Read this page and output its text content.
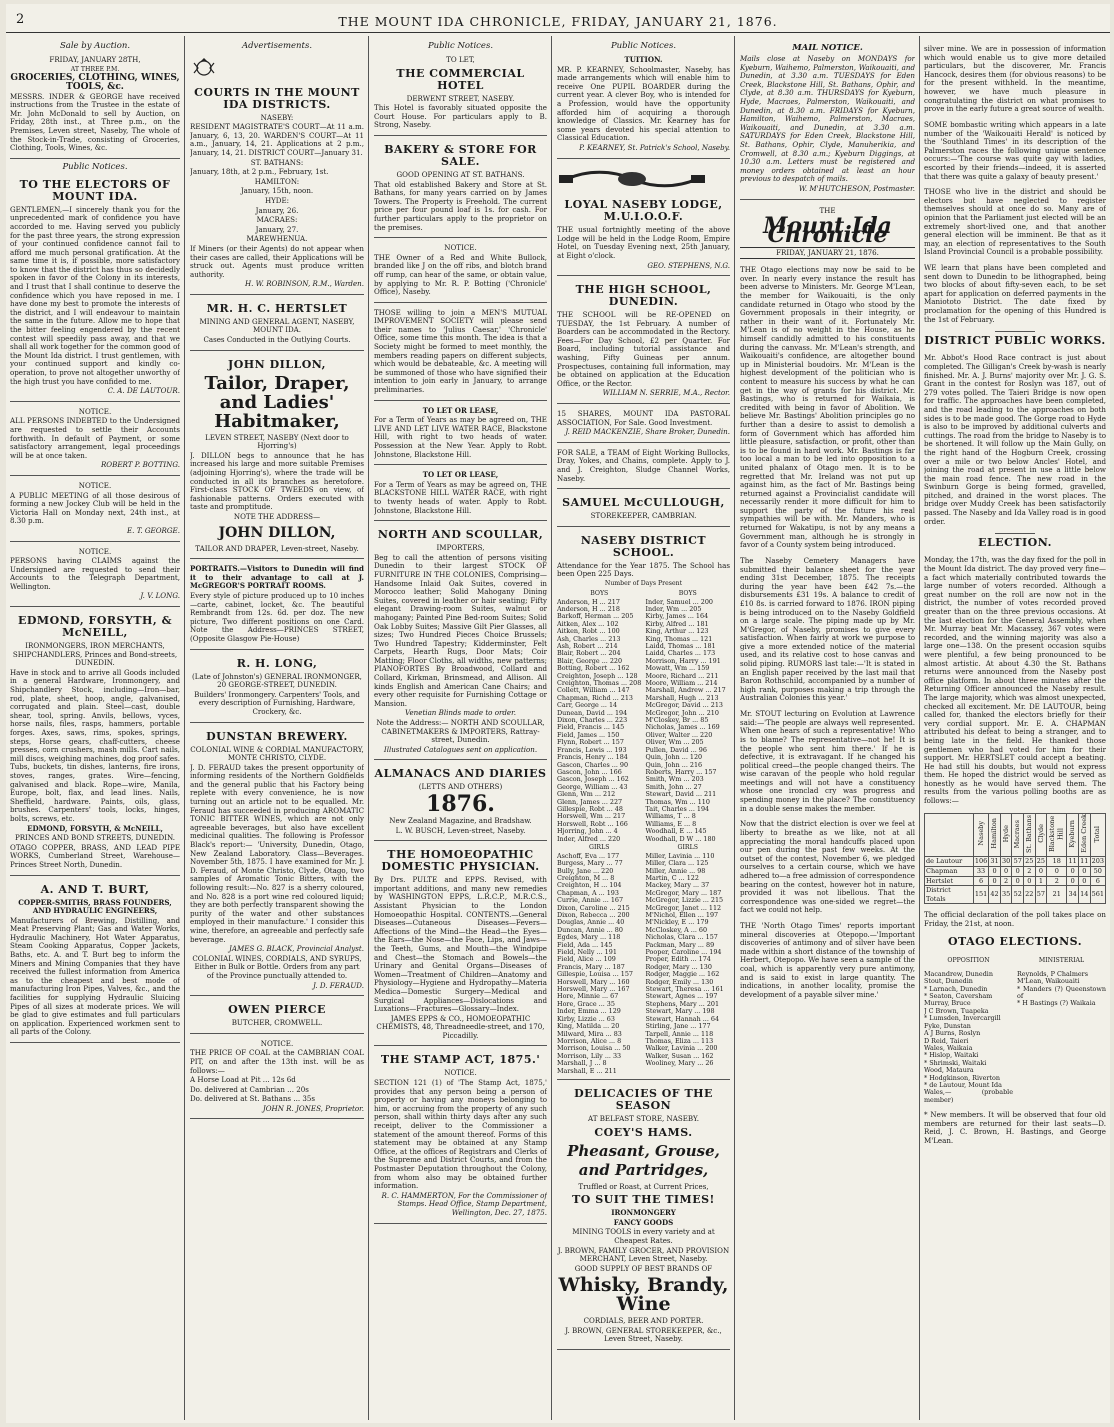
2	THE MOUNT IDA CHRONICLE, FRIDAY, JANUARY 21, 1876.
Sale by Auction.

FRIDAY, JANUARY 28TH,

AT THREE P.M.

GROCERIES, CLOTHING, WINES, TOOLS, &c.

MESSRS. INDER & GEORGE have received instructions from the Trustee in the estate of Mr. John McDonald to sell by Auction, on Friday, 28th inst., at Three p.m., on the Premises, Leven street, Naseby, The whole of the Stock-in-Trade, consisting of Groceries, Clothing, Tools, Wines, &c.

Public Notices.
TO THE ELECTORS OF MOUNT IDA.

GENTLEMEN,—I sincerely thank you for the unprecedented mark of confidence you have accorded to me. Having served you publicly for the past three years, the strong expression of your continued confidence cannot fail to afford me much personal gratification. At the same time it is, if possible, more satisfactory to know that the district has thus so decidedly spoken in favor of the Colony in its interests, and I trust that I shall continue to deserve the confidence which you have reposed in me. I have done my best to promote the interests of the district, and I will endeavour to maintain the same in the future. Allow me to hope that the bitter feeling engendered by the recent contest will speedily pass away, and that we shall all work together for the common good of the Mount Ida district. I trust gentlemen, with your continued support and kindly co-operation, to prove not altogether unworthy of the high trust you have confided to me.

C. A. DE LAUTOUR.

NOTICE.

ALL PERSONS INDEBTED to the Undersigned are requested to settle their Accounts forthwith. In default of Payment, or some satisfactory arrangement, legal proceedings will be at once taken.

ROBERT P. BOTTING.

NOTICE.

A PUBLIC MEETING of all those desirous of forming a new Jockey Club will be held in the Victoria Hall on Monday next, 24th inst., at 8.30 p.m.

E. T. GEORGE.

NOTICE.

PERSONS having CLAIMS against the Undersigned are requested to send their Accounts to the Telegraph Department, Wellington.

J. V. LONG.

EDMOND, FORSYTH, & McNEILL,

IRONMONGERS, IRON MERCHANTS, SHIPCHANDLERS, Princes and Bond-streets, DUNEDIN.

Have in stock and to arrive all Goods included in a general Hardware, Ironmongery, and Shipchandlery Stock, including—Iron—bar, rod, plate, sheet, hoop, angle, galvanised, corrugated and plain. Steel—cast, double shear, tool, spring. Anvils, bellows, vyces, horse nails, files, rasps, hammers, portable forges. Axes, saws, rims, spokes, springs, steps, Horse gears, chaff-cutters, cheese presses, corn crushers, mash mills. Cart nails, mill discs, weighing machines, dog proof safes. Tubs, buckets, tin dishes, lanterns, fire irons, stoves, ranges, grates. Wire—fencing, galvanised and black. Rope—wire, Manila, Europe, bolt, flax, and lead lines. Nails, Sheffield, hardware. Paints, oils, glass, brushes. Carpenters' tools, locks, hinges, bolts, screws, etc.

EDMOND, FORSYTH, & McNEILL,

PRINCES AND BOND STREETS, DUNEDIN.

OTAGO COPPER, BRASS, AND LEAD PIPE WORKS, Cumberland Street, Warehouse—Princes Street North, Dunedin.

A. AND T. BURT,

COPPER-SMITHS, BRASS FOUNDERS, AND HYDRAULIC ENGINEERS,

Manufacturers of Brewing, Distilling, and Meat Preserving Plant; Gas and Water Works, Hydraulic Machinery, Hot Water Apparatus, Steam Cooking Apparatus, Copper Jackets, Baths, etc. A. and T. Burt beg to inform the Miners and Mining Companies that they have received the fullest information from America as to the cheapest and best mode of manufacturing Iron Pipes, Valves, &c., and the facilities for supplying Hydraulic Sluicing Pipes of all sizes at moderate prices. We will be glad to give estimates and full particulars on application. Experienced workmen sent to all parts of the Colony.

Advertisements.
COURTS IN THE MOUNT IDA DISTRICTS.

NASEBY:

RESIDENT MAGISTRATE'S COURT—At 11 a.m. January, 6, 13, 20. WARDEN'S COURT—At 11 a.m., January, 14, 21. Applications at 2 p.m., January, 14, 21. DISTRICT COURT—January 31.

ST. BATHANS:

January, 18th, at 2 p.m., February, 1st.

HAMILTON:

January, 15th, noon.

HYDE:

January, 26.

MACRAES:

January, 27.

MAREWHENUA.

If Miners (or their Agents) do not appear when their cases are called, their Applications will be struck out. Agents must produce written authority.

H. W. ROBINSON, R.M., Warden.

MR. H. C. HERTSLET

MINING AND GENERAL AGENT, NASEBY, MOUNT IDA.

Cases Conducted in the Outlying Courts.

JOHN DILLON,
Tailor, Draper, and Ladies' Habitmaker,

LEVEN STREET, NASEBY (Next door to Hjorring's)

J. DILLON begs to announce that he has increased his large and more suitable Premises (adjoining Hjorring's), where the trade will be conducted in all its branches as heretofore. First-class STOCK OF TWEEDS on view, of fashionable patterns. Orders executed with taste and promptitude.

NOTE THE ADDRESS—

JOHN DILLON,

TAILOR AND DRAPER, Leven-street, Naseby.

PORTRAITS.—Visitors to Dunedin will find it to their advantage to call at J. McGREGOR'S PORTRAIT ROOMS.

Every style of picture produced up to 10 inches—carte, cabinet, locket, &c. The beautiful Rembrandt from 12s. 6d. per doz. The new picture, Two different positions on one Card. Note the Address—PRINCES STREET, (Opposite Glasgow Pie-House)

R. H. LONG,

(Late of Johnston's) GENERAL IRONMONGER, 20 GEORGE-STREET, DUNEDIN.

Builders' Ironmongery. Carpenters' Tools, and every description of Furnishing, Hardware, Crockery, &c.

DUNSTAN BREWERY.

COLONIAL WINE & CORDIAL MANUFACTORY, MONTE CHRISTO, CLYDE.

J. D. FERAUD takes the present opportunity of informing residents of the Northern Goldfields and the general public that his Factory being replete with every convenience, he is now turning out an article not to be equalled. Mr. Feraud has succeeded in producing AROMATIC TONIC BITTER WINES, which are not only agreeable beverages, but also have excellent medicinal qualities. The following is Professor Black's report:— 'University, Dunedin, Otago, New Zealand Laboratory. Class—Beverages. November 5th, 1875. I have examined for Mr. J. D. Feraud, of Monte Christo, Clyde, Otago, two samples of Aromatic Tonic Bitters, with the following result:—No. 827 is a sherry coloured, and No. 828 is a port wine red coloured liquid; they are both perfectly transparent showing the purity of the water and other substances employed in their manufacture.' I consider this wine, therefore, an agreeable and perfectly safe beverage.

JAMES G. BLACK, Provincial Analyst.

COLONIAL WINES, CORDIALS, AND SYRUPS, Either in Bulk or Bottle. Orders from any part of the Province punctually attended to.

J. D. FERAUD.

OWEN PIERCE

BUTCHER, CROMWELL.

NOTICE.

THE PRICE OF COAL at the CAMBRIAN COAL PIT, on and after the 13th inst. will be as follows:—

A Horse Load at Pit ... 12s 6d

Do. delivered at Cambrian ... 20s

Do. delivered at St. Bathans ... 35s

JOHN R. JONES, Proprietor.

Public Notices.

TO LET,

THE COMMERCIAL HOTEL

DERWENT STREET, NASEBY.

This Hotel is favorably situated opposite the Court House. For particulars apply to B. Strong, Naseby.

BAKERY & STORE FOR SALE.

GOOD OPENING AT ST. BATHANS.

That old established Bakery and Store at St. Bathans, for many years carried on by James Towers. The Property is Freehold. The current price per four pound loaf is 1s. for cash. For further particulars apply to the proprietor on the premises.

NOTICE.

THE Owner of a Red and White Bullock, branded like J on the off ribs, and blotch brand off rump, can hear of the same, or obtain value, by applying to Mr. R. P. Botting ('Chronicle' Office), Naseby.

THOSE willing to join a MEN'S MUTUAL IMPROVEMENT SOCIETY will please send their names to 'Julius Caesar,' 'Chronicle' Office, some time this month. The idea is that a Society might be formed to meet monthly, the members reading papers on different subjects, which would be debateable, &c. A meeting will be summoned of those who have signified their intention to join early in January, to arrange preliminaries.

TO LET OR LEASE,

For a Term of Years as may be agreed on, THE LIVE AND LET LIVE WATER RACE, Blackstone Hill, with right to two heads of water. Possession at the New Year. Apply to Robt. Johnstone, Blackstone Hill.

TO LET OR LEASE,

For a Term of Years as may be agreed on, THE BLACKSTONE HILL WATER RACE, with right to twenty heads of water. Apply to Robt. Johnstone, Blackstone Hill.

NORTH AND SCOULLAR,

IMPORTERS,

Beg to call the attention of persons visiting Dunedin to their largest STOCK OF FURNITURE IN THE COLONIES, Comprising— Handsome Inlaid Oak Suites, covered in Morocco leather; Solid Mahogany Dining Suites, covered in leather or hair seating; Fifty elegant Drawing-room Suites, walnut or mahogany; Painted Pine Bed-room Suites; Solid Oak Lobby Suites; Massive Gilt Pier Glasses, all sizes; Two Hundred Pieces Choice Brussels; Two Hundred Tapestry; Kidderminster, Felt Carpets, Hearth Rugs, Door Mats; Coir Matting; Floor Cloths, all widths, new patterns; PIANOFORTES By Broadwood, Collard and Collard, Kirkman, Brinsmead, and Allison. All kinds English and American Cane Chairs; and every other requisite for Furnishing Cottage or Mansion.

Venetian Blinds made to order.

Note the Address:— NORTH AND SCOULLAR, CABINETMAKERS & IMPORTERS, Rattray-street, Dunedin.

Illustrated Catalogues sent on application.

ALMANACS AND DIARIES

(LETTS AND OTHERS)

1876.

New Zealand Magazine, and Bradshaw.

L. W. BUSCH, Leven-street, Naseby.

THE HOMOEOPATHIC DOMESTIC PHYSICIAN.

By Drs. PULTE and EPPS. Revised, with important additions, and many new remedies by WASHINGTON EPPS, L.R.C.P., M.R.C.S., Assistant Physician to the London Homoeopathic Hospital. CONTENTS.—General Diseases—Cutaneous Diseases—Fevers—Affections of the Mind—the Head—the Eyes—the Ears—the Nose—the Face, Lips, and Jaws—the Teeth, Gums, and Mouth—the Windpipe and Chest—the Stomach and Bowels—the Urinary and Genital Organs—Diseases of Women—Treatment of Children—Anatomy and Physiology—Hygiene and Hydropathy—Materia Medica—Domestic Surgery—Medical and Surgical Appliances—Dislocations and Luxations—Fractures—Glossary—Index.

JAMES EPPS & CO., HOMOEOPATHIC CHEMISTS, 48, Threadneedle-street, and 170, Piccadilly.

THE STAMP ACT, 1875.'

NOTICE.

SECTION 121 (1) of 'The Stamp Act, 1875,' provides that any person being a person of property or having any moneys belonging to him, or accruing from the property of any such person, shall within thirty days after any such receipt, deliver to the Commissioner a statement of the amount thereof. Forms of this statement may be obtained at any Stamp Office, at the offices of Registrars and Clerks of the Supreme and District Courts, and from the Postmaster Deputation throughout the Colony, from whom also may be obtained further information.

R. C. HAMMERTON, For the Commissioner of Stamps. Head Office, Stamp Department, Wellington, Dec. 27, 1875.

Public Notices.

TUITION.

MR. P. KEARNEY, Schoolmaster, Naseby, has made arrangements which will enable him to receive One PUPIL BOARDER during the current year. A clever Boy, who is intended for a Profession, would have the opportunity afforded him of acquiring a thorough knowledge of Classics. Mr. Kearney has for some years devoted his special attention to Classical Education.

P. KEARNEY, St. Patrick's School, Naseby.

LOYAL NASEBY LODGE, M.U.I.O.O.F.

THE usual fortnightly meeting of the above Lodge will be held in the Lodge Room, Empire Hotel, on Tuesday Evening next, 25th January, at Eight o'clock.

GEO. STEPHENS, N.G.

THE HIGH SCHOOL, DUNEDIN.

THE SCHOOL will be RE-OPENED on TUESDAY, the 1st February. A number of Boarders can be accommodated in the Rectory. Fees—For Day School, £2 per Quarter. For Board, including tutorial assistance and washing, Fifty Guineas per annum. Prospectuses, containing full information, may be obtained on application at the Education Office, or the Rector.

WILLIAM N. SERRIE, M.A., Rector.

15 SHARES, MOUNT IDA PASTORAL ASSOCIATION, For Sale. Good Investment.

J. REID MACKENZIE, Share Broker, Dunedin.

FOR SALE, a TEAM of Eight Working Bullocks, Dray, Yokes, and Chains, complete. Apply to J. and J. Creighton, Sludge Channel Works, Naseby.

SAMUEL McCULLOUGH,

STOREKEEPER, CAMBRIAN.

NASEBY DISTRICT SCHOOL.

Attendance for the Year 1875. The School has been Open 225 Days.

Number of Days Present

BOYS

Anderson, H ... 217
Anderson, H ... 218
Barkoff, Herman ... 205
Aitken, Alex ... 102
Aitken, Robt ... 100
Ash, Charles ... 213
Ash, Robert ... 214
Blair, Robert ... 204
Blair, George ... 220
Botting, Robert ... 162
Creighton, Joseph ... 128
Creighton, Thomas ... 208
Collett, William ... 147
Chapman, Richd ... 213
Carr, George ... 14
Dunean, David ... 194
Dixon, Charles ... 223
Field, Francis ... 145
Field, James ... 150
Flynn, Robert ... 157
Francis, Lewis ... 193
Francis, Henry ... 184
Gascon, Charles ... 90
Gascon, John ... 166
Gascon, Joseph ... 162
George, William ... 43
Glenn, Wm ... 212
Glenn, James ... 227
Gillespie, Robt ... 48
Horswell, Wm ... 217
Horswell, Robt ... 166
Hjorring, John ... 4
Inder, Alfred ... 220

GIRLS

Aschoff, Eva ... 177
Burgess, Mary ... 77
Bully, Jane ... 220
Creighton, M ... 8
Creighton, H ... 104
Chapman, A ... 193
Currie, Annie ... 167
Dixon, Caroline ... 215
Dixon, Rebecca ... 200
Douglas, Annie ... 40
Duncan, Annie ... 80
Egdes, Mary ... 118
Field, Ada ... 145
Field, Nelly ... 191
Field, Alice ... 109
Francis, Mary ... 187
Gillespie, Louisa ... 157
Horswell, Mary ... 160
Horswell, Mary ... 167
Hore, Minnie ... 67
Hore, Grace ... 35
Inder, Emma ... 129
Kirby, Lizzie ... 63
King, Matilda ... 20
Milward, Mira ... 83
Morrison, Alice ... 8
Morrison, Louisa ... 50
Morrison, Lily ... 33
Marshall, J ... 8
Marshall, E ... 211

BOYS

Inder, Samuel ... 200
Inder, Wm ... 205
Kirby, James ... 164
Kirby, Alfred ... 181
King, Arthur ... 123
King, Thomas ... 121
Laidd, Thomas ... 181
Laidd, Charles ... 173
Morrison, Harry ... 191
Mowatt, Wm ... 159
Moore, Richard ... 211
Moore, William ... 214
Marshall, Andrew ... 217
Marshall, Hugh ... 213
McGregor, David ... 213
McGregor, John ... 210
M'Closkey, Br ... 85
Nicholas, James ... 169
Oliver, Walter ... 220
Oliver, Wm ... 205
Pullen, David ... 96
Quin, John ... 120
Quin, John ... 216
Roberts, Harry ... 157
Smith, Wm ... 203
Smith, John ... 27
Stewart, David ... 211
Thomas, Wm ... 110
Tait, Charles ... 194
Williams, T ... 8
Williams, E ... 8
Woodhall, E ... 145
Woodhall, D W ... 180

GIRLS

Miller, Lavinia ... 110
Miller, Clara ... 125
Miller, Annie ... 98
Martin, C ... 122
Mackey, Mary ... 37
McGregor, Mary ... 187
McGregor, Lizzie ... 215
McGregor, Janet ... 112
M'Nichol, Ellen ... 197
M'Nickley, E ... 179
McCloskey, A ... 60
Nicholas, Clara ... 157
Packman, Mary ... 89
Pooper, Caroline ... 194
Proper, Edith ... 174
Rodger, Mary ... 130
Rodger, Maggie ... 162
Rodger, Emily ... 130
Stewart, Theresa ... 161
Stewart, Agnes ... 197
Stephens, Mary ... 201
Stewart, Mary ... 198
Stewart, Hannah ... 64
Stirling, Jane ... 177
Tarpell, Annie ... 118
Thomas, Eliza ... 113
Walker, Lavinia ... 200
Walker, Susan ... 162
Wooliney, Mary ... 26
DELICACIES OF THE SEASON

AT BELFAST STORE, NASEBY.

COEY'S HAMS.
Pheasant, Grouse, and Partridges,

Truffled or Roast, at Current Prices,

TO SUIT THE TIMES!

IRONMONGERY

FANCY GOODS

MINING TOOLS in every variety and at Cheapest Rates.

J. BROWN, FAMILY GROCER, AND PROVISION MERCHANT, Leven Street, Naseby.

GOOD SUPPLY OF BEST BRANDS OF

Whisky, Brandy, Wine

CORDIALS, BEER AND PORTER.

J. BROWN, GENERAL STOREKEEPER, &c., Leven Street, Naseby.

MAIL NOTICE.

Mails close at Naseby on MONDAYS for Kyeburn, Waihemo, Palmerston, Waikouaiti, and Dunedin, at 3.30 a.m. TUESDAYS for Eden Creek, Blackstone Hill, St. Bathans, Ophir, and Clyde, at 8.30 a.m. THURSDAYS for Kyeburn, Hyde, Macraes, Palmerston, Waikouaiti, and Dunedin, at 8.30 a.m. FRIDAYS for Kyeburn, Hamilton, Waihemo, Palmerston, Macraes, Waikouaiti, and Dunedin, at 3.30 a.m. SATURDAYS for Eden Creek, Blackstone Hill, St. Bathans, Ophir, Clyde, Manuherikia, and Cromwell, at 8.30 a.m.; Kyeburn Diggings, at 10.30 a.m. Letters must be registered and money orders obtained at least an hour previous to despatch of mails.

W. M'HUTCHESON, Postmaster.

THE

Mount Ida Chronicle

FRIDAY, JANUARY 21, 1876.

THE Otago elections may now be said to be over. In nearly every instance the result has been adverse to Ministers. Mr. George M'Lean, the member for Waikouaiti, is the only candidate returned in Otago who stood by the Government proposals in their integrity, or rather in their want of it. Fortunately Mr. M'Lean is of no weight in the House, as he himself candidly admitted to his constituents during the canvass. Mr. M'Lean's strength, and Waikouaiti's confidence, are altogether bound up in Ministerial boudoirs. Mr. M'Lean is the highest development of the politician who is content to measure his success by what he can get in the way of grants for his district. Mr. Bastings, who is returned for Waikaia, is credited with being in favor of Abolition. We believe Mr. Bastings' Abolition principles go no further than a desire to assist to demolish a form of Government which has afforded him little pleasure, satisfaction, or profit, other than is to be found in hard work. Mr. Bastings is far too local a man to be led into opposition to a united phalanx of Otago men. It is to be regretted that Mr. Ireland was not put up against him, as the fact of Mr. Bastings being returned against a Provincialist candidate will necessarily render it more difficult for him to support the party of the future his real sympathies will be with. Mr. Manders, who is returned for Wakatipu, is not by any means a Government man, although he is strongly in favor of a County system being introduced.

The Naseby Cemetery Managers have submitted their balance sheet for the year ending 31st December, 1875. The receipts during the year have been £42 7s.—the disbursements £31 19s. A balance to credit of £10 8s. is carried forward to 1876. IRON piping is being introduced on to the Naseby Goldfield on a large scale. The piping made up by Mr. M'Gregor, of Naseby, promises to give every satisfaction. When fairly at work we purpose to give a more extended notice of the material used, and its relative cost to hose canvas and solid piping. RUMORS last tale:—'It is stated in an English paper received by the last mail that Baron Rothschild, accompanied by a number of high rank, purposes making a trip through the Australian Colonies this year.'

Mr. STOUT lecturing on Evolution at Lawrence said:—'The people are always well represented. When one hears of such a representative! Who is to blame? The representative—not he! It is the people who sent him there.' If he is defective, it is extravagant. If he changed his political creed—the people changed theirs. The wise caravan of the people who hold regular meetings and will not have a constituency whose one ironclad cry was progress and spending money in the place? The constituency in a double sense makes the member.

Now that the district election is over we feel at liberty to breathe as we like, not at all appreciating the moral handcuffs placed upon our pen during the past few weeks. At the outset of the contest, November 6, we pledged ourselves to a certain course, which we have adhered to—a free admission of correspondence bearing on the contest, however hot in nature, provided it was not libellous. That the correspondence was one-sided we regret—the fact we could not help.

THE 'North Otago Times' reports important mineral discoveries at Otepopo.—'Important discoveries of antimony and of silver have been made within a short distance of the township of Herbert, Otepopo. We have seen a sample of the coal, which is apparently very pure antimony, and is said to exist in large quantity. The indications, in another locality, promise the development of a payable silver mine.'

silver mine. We are in possession of information which would enable us to give more detailed particulars, but the discoverer, Mr. Francis Hancock, desires them (for obvious reasons) to be for the present withheld. In the meantime, however, we have much pleasure in congratulating the district on what promises to prove in the early future a great source of wealth.

SOME bombastic writing which appears in a late number of the 'Waikouaiti Herald' is noticed by the 'Southland Times' in its description of the Palmerston races the following unique sentence occurs:—'The course was quite gay with ladies, escorted by their friends—indeed, it is asserted that there was quite a galaxy of beauty present.'

THOSE who live in the district and should be electors but have neglected to register themselves should at once do so. Many are of opinion that the Parliament just elected will be an extremely short-lived one, and that another general election will be imminent. Be that as it may, an election of representatives to the South Island Provincial Council is a probable possibility.

WE learn that plans have been completed and sent down to Dunedin to be lithographed, being two blocks of about fifty-seven each, to be set apart for application on deferred payments in the Maniototo District. The date fixed by proclamation for the opening of this Hundred is the 1st of February.

DISTRICT PUBLIC WORKS.

Mr. Abbot's Hood Race contract is just about completed. The Gilligan's Creek by-wash is nearly finished. Mr. A. J. Burns' majority over Mr. J. G. S. Grant in the contest for Roslyn was 187, out of 279 votes polled. The Taieri Bridge is now open for traffic. The approaches have been completed, and the road leading to the approaches on both sides is to be made good. The Gorge road to Hyde is also to be improved by additional culverts and cuttings. The road from the bridge to Naseby is to be shortened. It will follow up the Main Gully, on the right hand of the Hogburn Creek, crossing over a mile or two below Ancles' Hotel, and joining the road at present in use a little below the main road fence. The new road in the Swinburn Gorge is being formed, gravelled, pitched, and drained in the worst places. The bridge over Muddy Creek has been satisfactorily passed. The Naseby and Ida Valley road is in good order.

ELECTION.

Monday, the 17th, was the day fixed for the poll in the Mount Ida district. The day proved very fine—a fact which materially contributed towards the large number of voters recorded. Although a great number on the roll are now not in the district, the number of votes recorded proved greater than on the three previous occasions. At the last election for the General Assembly, when Mr. Murray beat Mr. Macassey, 367 votes were recorded, and the winning majority was also a large one—138. On the present occasion squibs were plentiful, a few being pronounced to be almost artistic. At about 4.30 the St. Bathans returns were announced from the Naseby post office platform. In about three minutes after the Returning Officer announced the Naseby result. The large majority, which was almost unexpected, checked all excitement. Mr. DE LAUTOUR, being called for, thanked the electors briefly for their very cordial support. Mr. E. A. CHAPMAN attributed his defeat to being a stranger, and to being late in the field. He thanked those gentlemen who had voted for him for their support. Mr. HERTSLET could accept a beating. He had still his doubts, but would not express them. He hoped the district would be served as honestly as he would have served them. The results from the various polling booths are as follows:—

	Naseby	Hamilton	Hyde	Macraes	St. Bathans	Clyde	Blackstone Hill	Kyeburn	Eden Creek	Total
de Lautour	106	31	30	57	25	25	18	11	11	203
Chapman	33	0	0	0	2	0	0	0	0	50
Hertslet	6	0	2	0	0	1	2	0	0	6
District Totals	151	42	35	52	22	57	21	34	14	561

The official declaration of the poll takes place on Friday, the 21st, at noon.

OTAGO ELECTIONS.

OPPOSITION

Macandrew, Dunedin
Stout, Dunedin
* Larnach, Dunedin
* Seaton, Caversham
Murray, Bruce
J C Brown, Tuapeka
* Lumsden, Invercargill
Fyke, Dunstan
A J Burns, Roslyn
D Reid, Taieri
Wales, Waikaia
* Hislop, Waitaki
* Shrimski, Waitaki
Wood, Mataura
* Hodgkinson, Riverton
* de Lautour, Mount Ida
Wales,— (probable member)

MINISTERIAL

Reynolds, P Chalmers
M'Lean, Waikouaiti
* Manders (?) Queenstown of
* H Bastings (?) Waikaia

* New members. It will be observed that four old members are returned for their last seats—D. Reid, J. C. Brown, H. Bastings, and George M'Lean.
